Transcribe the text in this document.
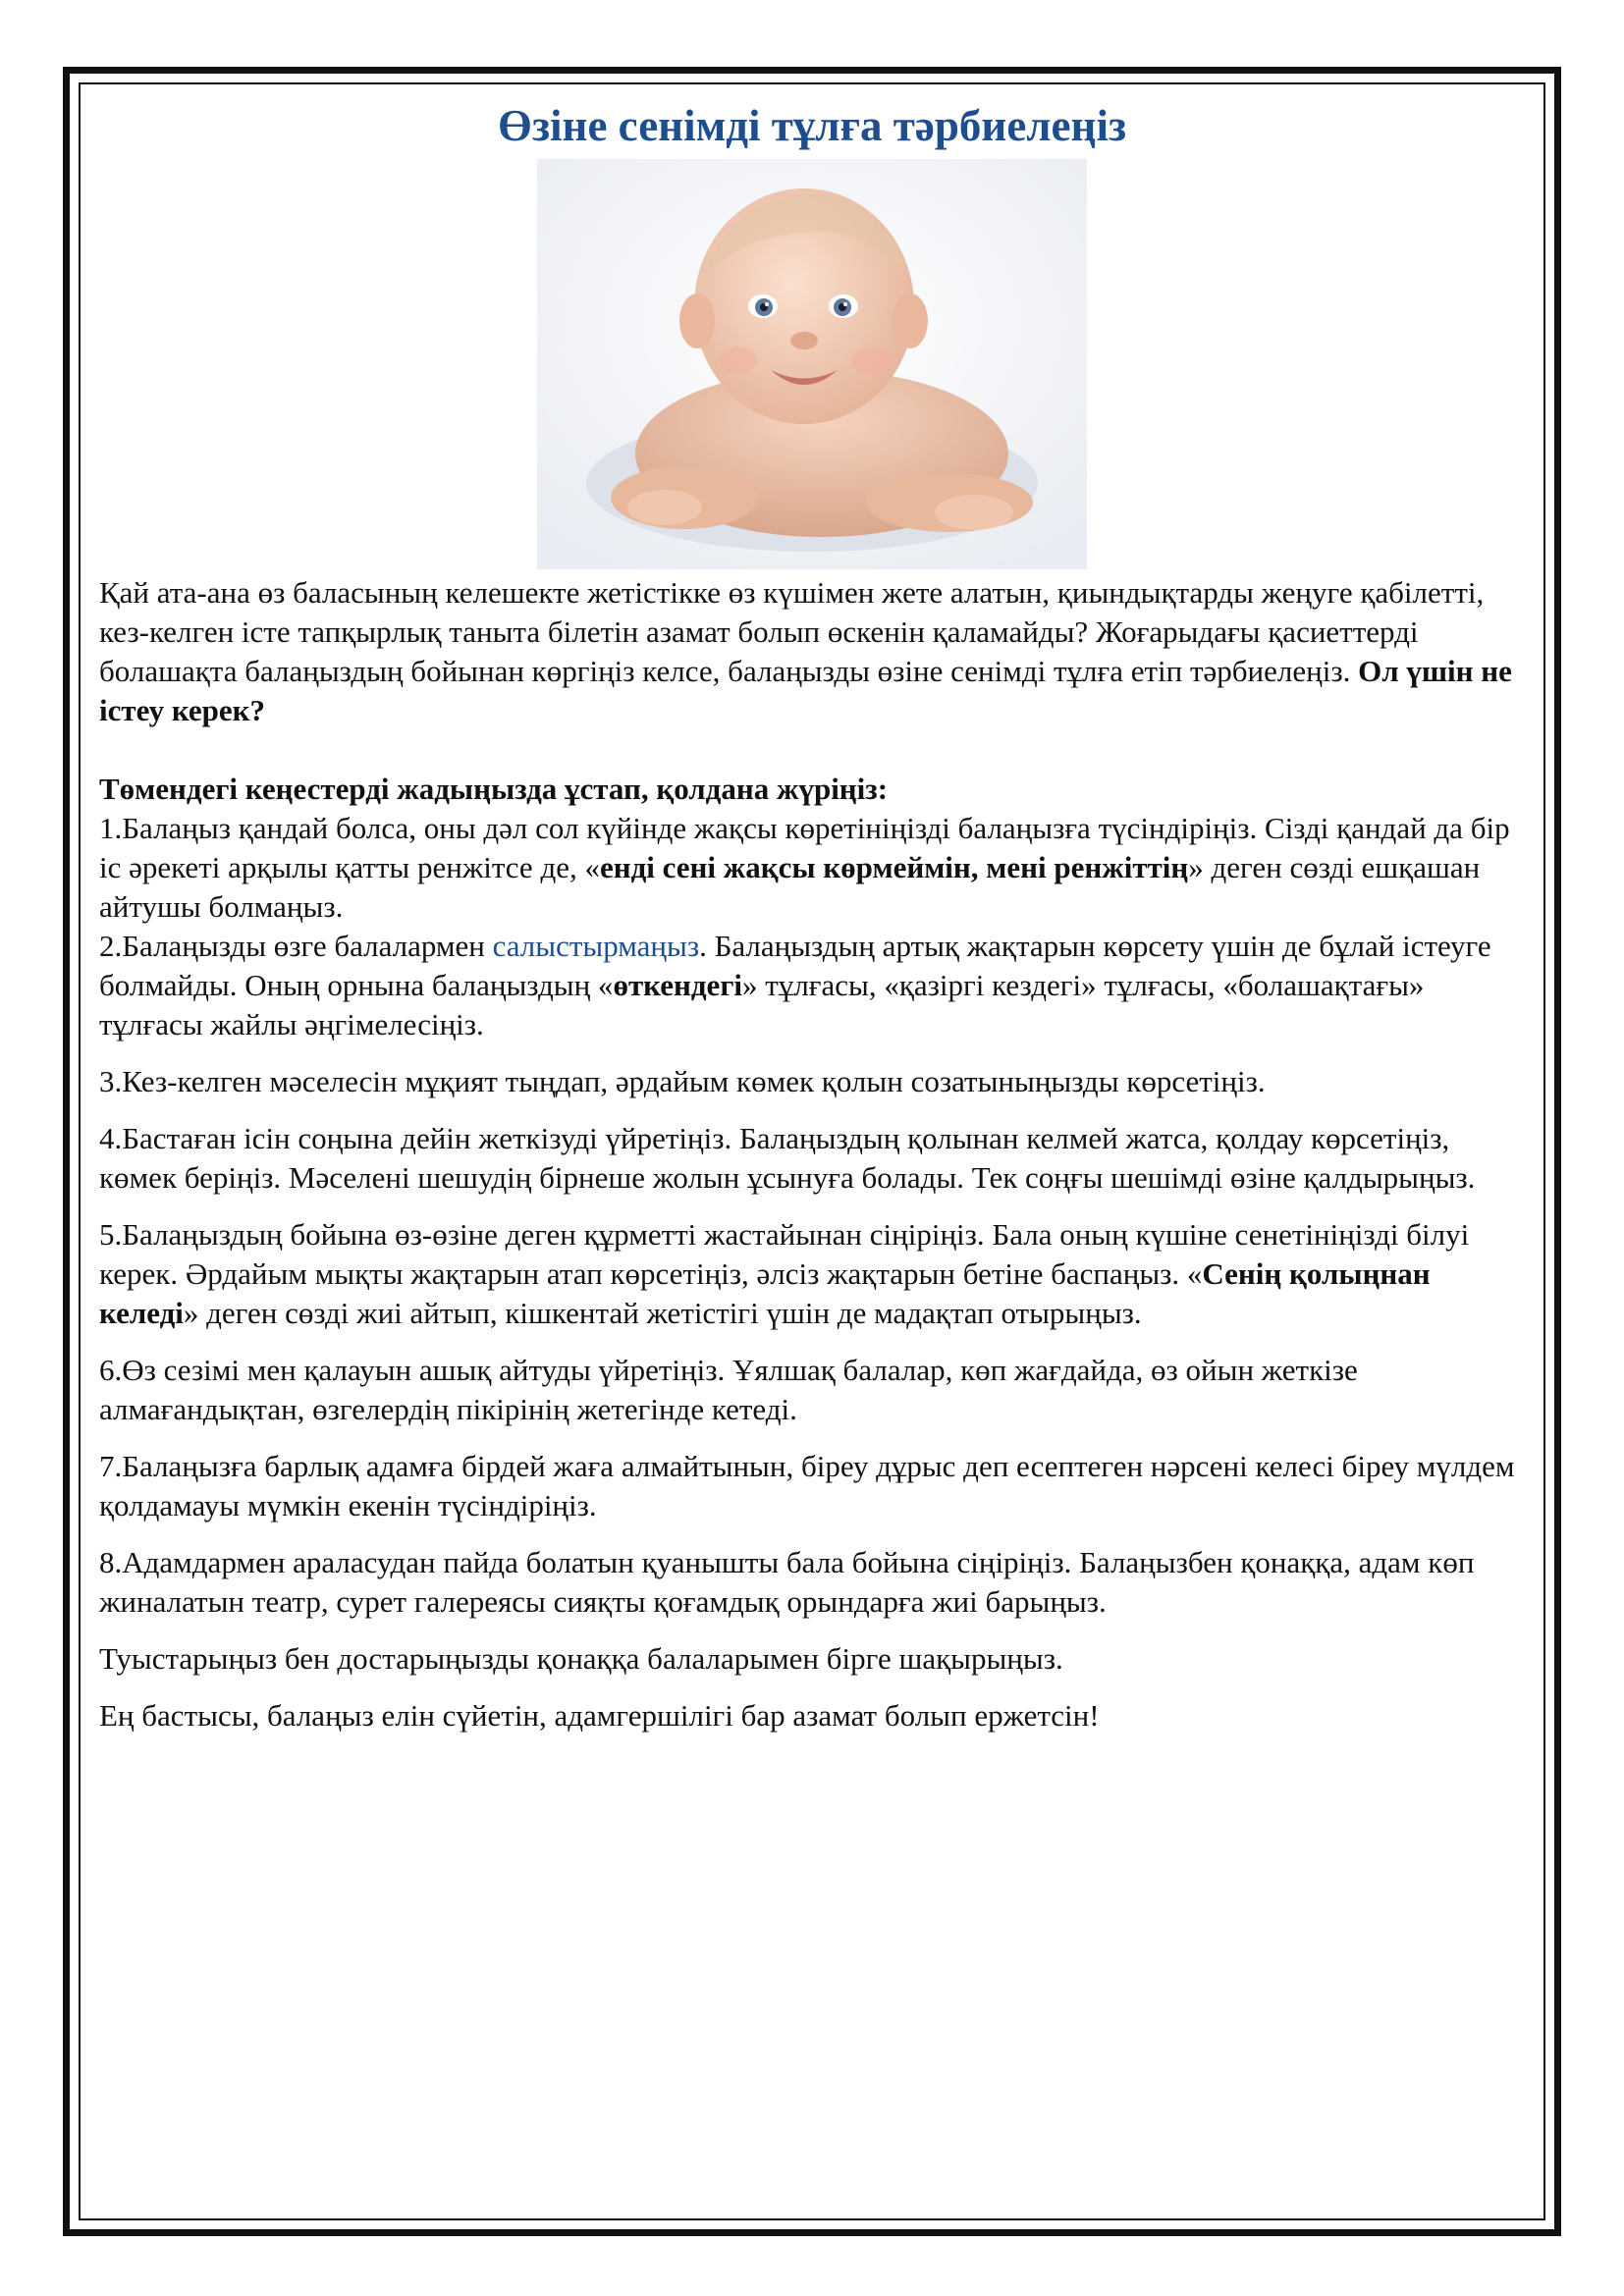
Өзіне сенімді тұлға тәрбиелеңіз

Қай ата-ана өз баласының келешекте жетістікке өз күшімен жете алатын, қиындықтарды жеңуге қабілетті, кез-келген істе тапқырлық таныта білетін азамат болып өскенін қаламайды? Жоғарыдағы қасиеттерді болашақта балаңыздың бойынан көргіңіз келсе, балаңызды өзіне сенімді тұлға етіп тәрбиелеңіз. Ол үшін не істеу керек?

Төмендегі кеңестерді жадыңызда ұстап, қолдана жүріңіз:

1.Балаңыз қандай болса, оны дәл сол күйінде жақсы көретініңізді балаңызға түсіндіріңіз. Сізді қандай да бір іс әрекеті арқылы қатты ренжітсе де, «енді сені жақсы көрмеймін, мені ренжіттің» деген сөзді ешқашан айтушы болмаңыз.

2.Балаңызды өзге балалармен салыстырмаңыз. Балаңыздың артық жақтарын көрсету үшін де бұлай істеуге болмайды. Оның орнына балаңыздың «өткендегі» тұлғасы, «қазіргі кездегі» тұлғасы, «болашақтағы» тұлғасы жайлы әңгімелесіңіз.

3.Кез-келген мәселесін мұқият тыңдап, әрдайым көмек қолын созатыныңызды көрсетіңіз.

4.Бастаған ісін соңына дейін жеткізуді үйретіңіз. Балаңыздың қолынан келмей жатса, қолдау көрсетіңіз, көмек беріңіз. Мәселені шешудің бірнеше жолын ұсынуға болады. Тек соңғы шешімді өзіне қалдырыңыз.

5.Балаңыздың бойына өз-өзіне деген құрметті жастайынан сіңіріңіз. Бала оның күшіне сенетініңізді білуі керек. Әрдайым мықты жақтарын атап көрсетіңіз, әлсіз жақтарын бетіне баспаңыз. «Сенің қолыңнан келеді» деген сөзді жиі айтып, кішкентай жетістігі үшін де мадақтап отырыңыз.

6.Өз сезімі мен қалауын ашық айтуды үйретіңіз. Ұялшақ балалар, көп жағдайда, өз ойын жеткізе алмағандықтан, өзгелердің пікірінің жетегінде кетеді.

7.Балаңызға барлық адамға бірдей жаға алмайтынын, біреу дұрыс деп есептеген нәрсені келесі біреу мүлдем қолдамауы мүмкін екенін түсіндіріңіз.

8.Адамдармен араласудан пайда болатын қуанышты бала бойына сіңіріңіз. Балаңызбен қонаққа, адам көп жиналатын театр, сурет галереясы сияқты қоғамдық орындарға жиі барыңыз.

Туыстарыңыз бен достарыңызды қонаққа балаларымен бірге шақырыңыз.

Ең бастысы, балаңыз елін сүйетін, адамгершілігі бар азамат болып ержетсін!
